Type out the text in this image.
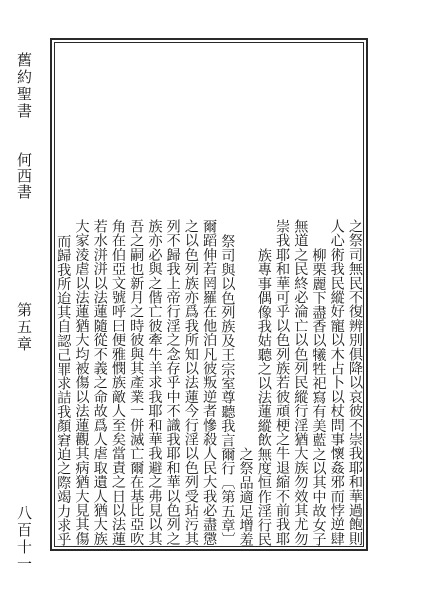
舊約聖書
何西書
第五章
八百十一	之祭司無民不復辨別俱降以哀彼不崇我耶和華過飽則
人心術我民縱好寵以木占卜以杖問事懷姦邪而悖逆肆
柳栗麗下盡香以犧牲祀寫有美藍之以其中故女子
無道之民終必淪亡以色列民縱行淫猶大族勿效其尤勿
崇我耶和華可乎以色列族若彼頑梗之牛退縮不前我耶
族專事偶像我姑聽之以法蓮縱飲無度恒作淫行民
之祭品適足增羞
〔第五章〕祭司與以色列族及王宗室尊聽我言爾行
爾蹈伸若罔羅在他泊凡彼叛逆者慘殺人民大我必盡懲
之以色列族亦爲我所知以法蓮今行淫以色列受玷污其
列不歸我上帝行淫之念存乎中不識我耶和華以色列之
族亦必與之偕亡彼牽牛羊求我耶和華我避之弗見以其
吾之嗣也新月之時彼與其產業一併滅亡爾在基比亞吹
角在伯亞文號呼曰便雅憫族敵人至矣當責之日以法蓮
若水洴洴以法蓮隨從不義之命故爲人虐取遺人猶大族
大家淩虐以法蓮猶大均被傷以法蓮觀其病猶大見其傷
而歸我所迨其自認己罪求詰我顏窘迫之際竭力求乎
